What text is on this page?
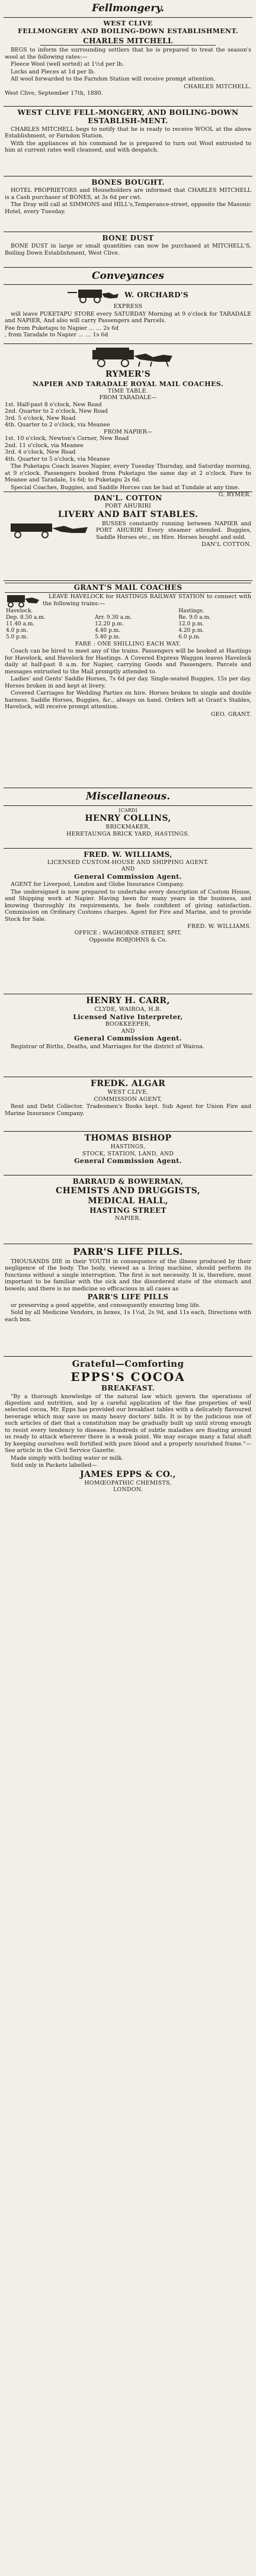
Fellmongery.
WEST CLIVE
FELLMONGERY AND BOILING-DOWN ESTABLISHMENT.
CHARLES MITCHELL

BEGS to inform the surrounding settlers that he is prepared to treat the season's wool at the following rates:—

Fleece Wool (well sorted) at 1½d per lb.

Locks and Pieces at 1d per lb.

All wool forwarded to the Farndon Station will receive prompt attention.

CHARLES MITCHELL.
West Clive, September 17th, 1880.
WEST CLIVE FELL-MONGERY, AND BOILING-DOWN ESTABLISH-MENT.

CHARLES MITCHELL begs to notify that he is ready to receive WOOL at the above Establishment, or Farndon Station.

With the appliances at his command he is prepared to turn out Wool entrusted to him at current rates well cleansed, and with despatch.

BONES BOUGHT.

HOTEL PROPRIETORS and Householders are informed that CHARLES MITCHELL is a Cash purchaser of BONES, at 3s 6d per cwt.

The Dray will call at SIMMONS and HILL's,Temperance-street, opposite the Masonic Hotel, every Tuesday.

BONE DUST

BONE DUST in large or small quantities can now be purchased at MITCHELL'S, Boiling Down Establishment, West Clive.

Conveyances
W. ORCHARD'S
EXPRESS

will leave PUKETAPU STORE every SATURDAY Morning at 9 o'clock for TARADALE and NAPIER, And also will carry Passengers and Parcels.

Fee from Puketapu to Napier … … 2s 6d
, from Taradale to Napier … … 1s 6d
RYMER'S
NAPIER AND TARADALE ROYAL MAIL COACHES.
TIME TABLE.
FROM TARADALE—
1st. Half-past 8 o'clock, New Road
2nd. Quarter to 2 o'clock, New Road
3rd. 5 o'clock, New Road
4th. Quarter to 2 o'clock, via Meanee
FROM NAPIER—
1st. 10 o'clock, Newton's Corner, New Road
2nd. 11 o'clock, via Meanee
3rd. 4 o'clock, New Road
4th. Quarter to 5 o'clock, via Meanee

The Puketapu Coach leaves Napier, every Tuesday Thursday, and Saturday morning, at 9 o'clock. Passengers booked from Puketapu the same day at 2 o'clock. Fare to Meanee and Taradale, 1s 6d; to Puketapu 2s 6d.

Special Coaches, Buggies, and Saddle Horces can be had at Tundale at any time.

G. RYMER.
DAN'L. COTTON
PORT AHURIRI
LIVERY AND BAIT STABLES.

BUSSES constantly running between NAPIER and PORT AHURIRI Every steamer attended. Buggies, Saddle Horses etc., on Hire. Horses bought and sold.

DAN'L COTTON.
GRANT'S MAIL COACHES

LEAVE HAVELOCK for HASTINGS RAILWAY STATION to connect with the following trains:—

Havelock.		Hastings.
Dep. 8.50 a.m.	Arr. 9.30 a.m.	Re. 9.0 a.m.
11.40 a.m.	12.20 p.m.	12.0 p.m.
4.0 p.m.	4.40 p.m.	4.20 p.m.
5.0 p.m.	5.40 p.m.	6.0 p.m.
FARE : ONE SHILLING EACH WAY.

Coach can be hired to meet any of the trains. Passengers will be booked at Hastings for Havelock, and Havelock for Hastings. A Covered Express Waggon leaves Havelock daily at half-past 8 a.m. for Napier, carrying Goods and Passengers. Parcels and messages entrusted to the Mail promptly attended to.

Ladies' and Gents' Saddle Horses, 7s 6d per day. Single-seated Buggies, 15s per day. Horses broken in and kept at livery.

Covered Carriages for Wedding Parties on hire. Horses broken to single and double harness. Saddle Horses, Buggies, &c., always on hand. Orders left at Grant's Stables, Havelock, will receive prompt attention.

GEO. GRANT.
Miscellaneous.
[CARD]
HENRY COLLINS,
BRICKMAKER,
HERETAUNGA BRICK YARD, HASTINGS.
FRED. W. WILLIAMS,
LICENSED CUSTOM-HOUSE AND SHIPPING AGENT.
AND
General Commission Agent.

AGENT for Liverpool, London and Globe Insurance Company.

The undersigned is now prepared to undertake every description of Custom House, and Shipping work at Napier. Having been for many years in the business, and knowing thoroughly its requirements, he feels confident of giving satisfaction. Commission on Ordinary Customs charges. Agent for Fire and Marine, and to provide Stock for Sale.

FRED. W. WILLIAMS.
OFFICE : WAGHORNE-STREET, SPIT.
Opposite ROBJOHNS & Co.
HENRY H. CARR,
CLYDE, WAIROA, H.B.
Licensed Native Interpreter,
BOOKKEEPER,
AND
General Commission Agent.

Registrar of Births, Deaths, and Marriages for the district of Wairoa.

FREDK. ALGAR
WEST CLIVE,
COMMISSION AGENT,

Rent and Debt Collector. Tradesmen's Books kept. Sub Agent for Union Fire and Marine Insurance Company.

THOMAS BISHOP
HASTINGS,
STOCK, STATION, LAND, AND
General Commission Agent.
BARRAUD & BOWERMAN,
CHEMISTS AND DRUGGISTS,
MEDICAL HALL,
HASTING STREET
NAPIER.
PARR'S LIFE PILLS.

THOUSANDS DIE in their YOUTH in consequence of the illness produced by their negligence of the body. The body, viewed as a living machine, should perform its functions without a single interruption. The first is not necessity. It is, therefore, most important to be familiar with the sick and the disordered state of the stomach and bowels; and there is no medicine so efficacious in all cases as

PARR'S LIFE PILLS

or preserving a good appetite, and consequently ensuring long life.

Sold by all Medicine Vendors, in boxes, 1s 1½d, 2s 9d, and 11s each, Directions with each box.

Grateful—Comforting
EPPS'S COCOA
BREAKFAST.

"By a thorough knowledge of the natural law which govern the operations of digestion and nutrition, and by a careful application of the fine properties of well selected cocoa, Mr. Epps has provided our breakfast tables with a delicately flavoured beverage which may save us many heavy doctors' bills. It is by the judicious use of such articles of diet that a constitution may be gradually built up until strong enough to resist every tendency to disease. Hundreds of subtle maladies are floating around us ready to attack wherever there is a weak point. We may escape many a fatal shaft by keeping ourselves well fortified with pure blood and a properly nourished frame."—See article in the Civil Service Gazette.

Made simply with boiling water or milk.

Sold only in Packets labelled—

JAMES EPPS & CO.,
HOMŒOPATHIC CHEMISTS,
LONDON.
